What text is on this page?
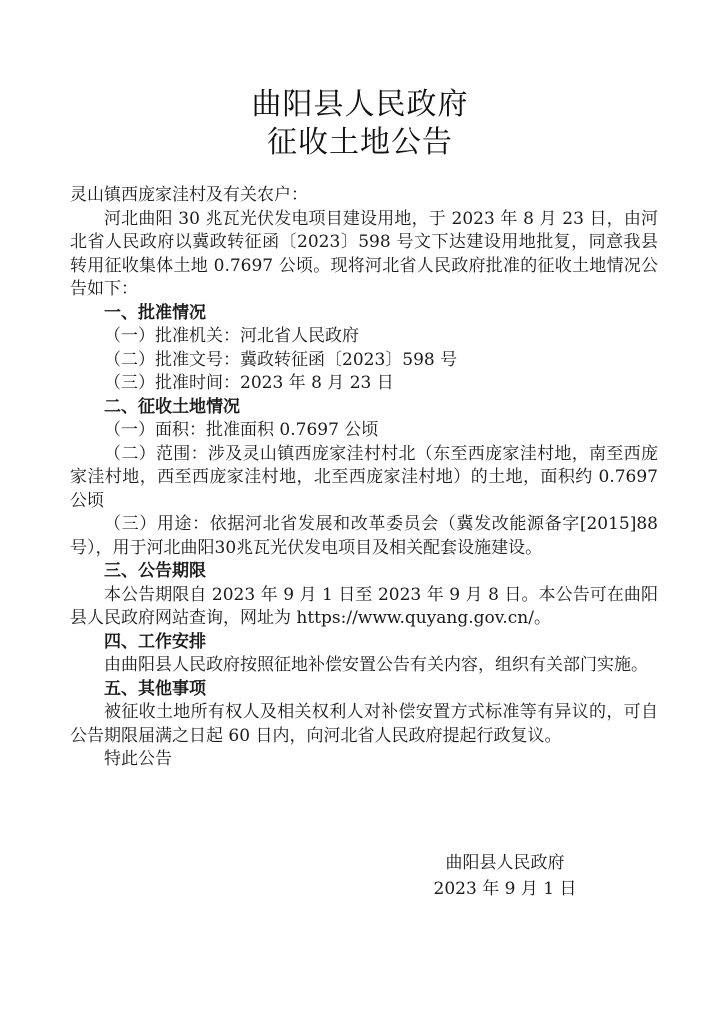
曲阳县人民政府
征收土地公告

灵山镇西庞家洼村及有关农户：

河北曲阳 30 兆瓦光伏发电项目建设用地，于 2023 年 8 月 23 日，由河北省人民政府以冀政转征函〔2023〕598 号文下达建设用地批复，同意我县转用征收集体土地 0.7697 公顷。现将河北省人民政府批准的征收土地情况公告如下：

一、批准情况

（一）批准机关：河北省人民政府

（二）批准文号：冀政转征函〔2023〕598 号

（三）批准时间：2023 年 8 月 23 日

二、征收土地情况

（一）面积：批准面积 0.7697 公顷

（二）范围：涉及灵山镇西庞家洼村村北（东至西庞家洼村地，南至西庞家洼村地，西至西庞家洼村地，北至西庞家洼村地）的土地，面积约 0.7697 公顷

（三）用途：依据河北省发展和改革委员会（冀发改能源备字[2015]88号），用于河北曲阳30兆瓦光伏发电项目及相关配套设施建设。

三、公告期限

本公告期限自 2023 年 9 月 1 日至 2023 年 9 月 8 日。本公告可在曲阳县人民政府网站查询，网址为 https://www.quyang.gov.cn/。

四、工作安排

由曲阳县人民政府按照征地补偿安置公告有关内容，组织有关部门实施。

五、其他事项

被征收土地所有权人及相关权利人对补偿安置方式标准等有异议的，可自公告期限届满之日起 60 日内，向河北省人民政府提起行政复议。

特此公告

曲阳县人民政府
2023 年 9 月 1 日
